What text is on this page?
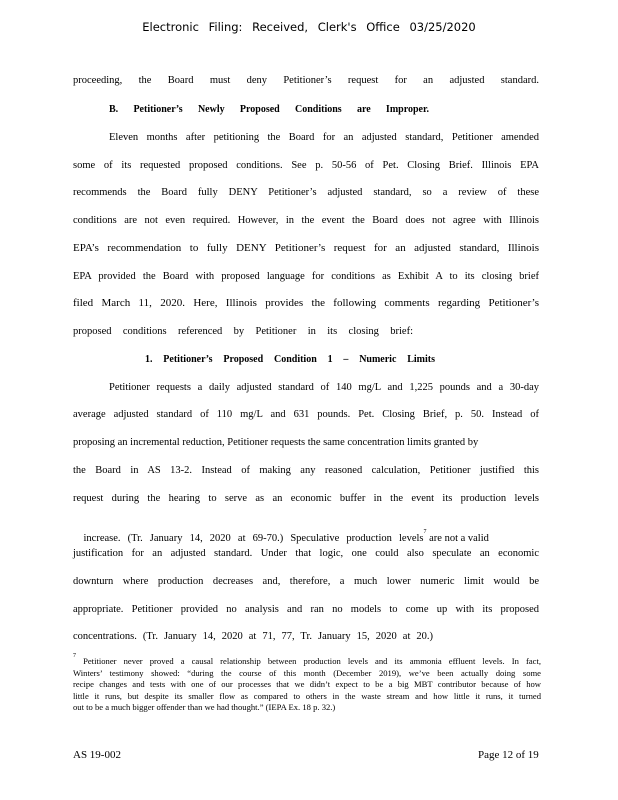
Electronic Filing: Received, Clerk's Office 03/25/2020
proceeding, the Board must deny Petitioner’s request for an adjusted standard.
B. Petitioner’s Newly Proposed Conditions are Improper.
Eleven months after petitioning the Board for an adjusted standard, Petitioner amended
some of its requested proposed conditions. See p. 50-56 of Pet. Closing Brief. Illinois EPA
recommends the Board fully DENY Petitioner’s adjusted standard, so a review of these
conditions are not even required. However, in the event the Board does not agree with Illinois
EPA’s recommendation to fully DENY Petitioner’s request for an adjusted standard, Illinois
EPA provided the Board with proposed language for conditions as Exhibit A to its closing brief
filed March 11, 2020. Here, Illinois provides the following comments regarding Petitioner’s
proposed conditions referenced by Petitioner in its closing brief:
1. Petitioner’s Proposed Condition 1 – Numeric Limits
Petitioner requests a daily adjusted standard of 140 mg/L and 1,225 pounds and a 30-day
average adjusted standard of 110 mg/L and 631 pounds. Pet. Closing Brief, p. 50. Instead of
proposing an incremental reduction, Petitioner requests the same concentration limits granted by
the Board in AS 13-2. Instead of making any reasoned calculation, Petitioner justified this
request during the hearing to serve as an economic buffer in the event its production levels

increase. (Tr. January 14, 2020 at 69-70.) Speculative production levels$^7$ are not a valid

justification for an adjusted standard. Under that logic, one could also speculate an economic
downturn where production decreases and, therefore, a much lower numeric limit would be
appropriate. Petitioner provided no analysis and ran no models to come up with its proposed
concentrations. (Tr. January 14, 2020 at 71, 77, Tr. January 15, 2020 at 20.)
$^7$ Petitioner never proved a causal relationship between production levels and its ammonia effluent levels. In fact,
Winters’ testimony showed: “during the course of this month (December 2019), we’ve been actually doing some
recipe changes and tests with one of our processes that we didn’t expect to be a big MBT contributor because of how
little it runs, but despite its smaller flow as compared to others in the waste stream and how little it runs, it turned
out to be a much bigger offender than we had thought.” (IEPA Ex. 18 p. 32.)
AS 19-002	Page 12 of 19
